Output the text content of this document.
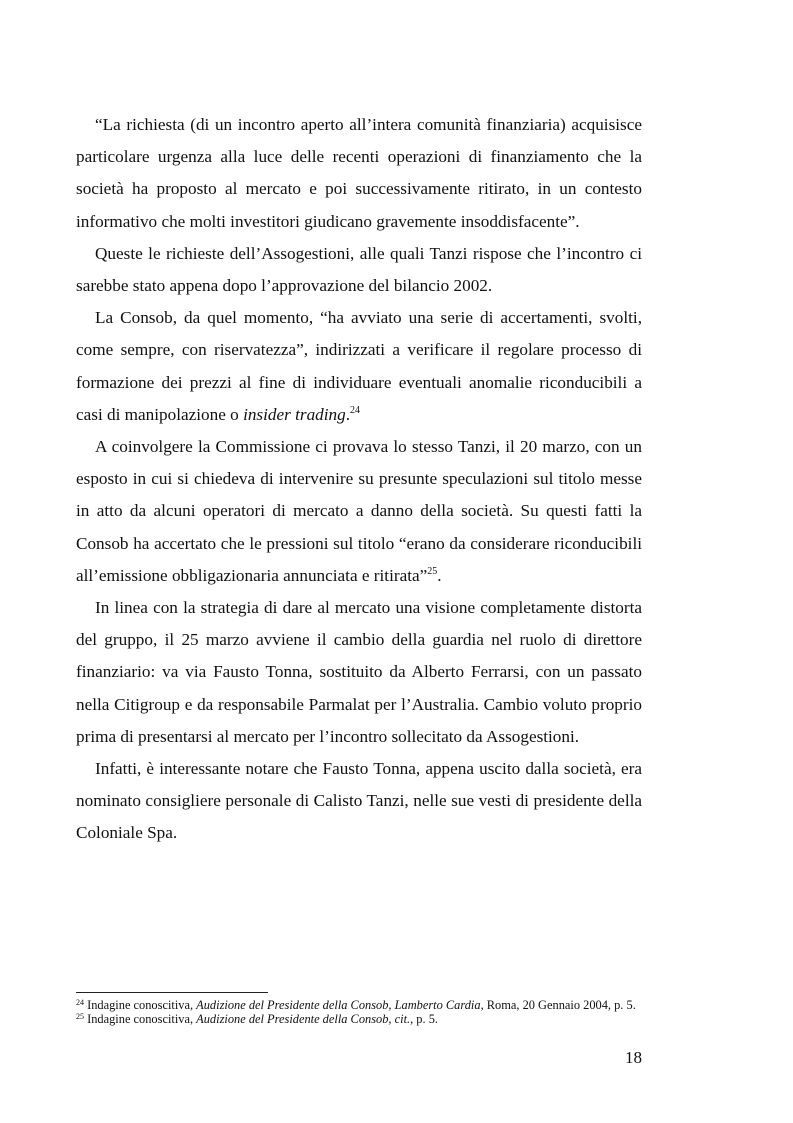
“La richiesta (di un incontro aperto all’intera comunità finanziaria) acquisisce particolare urgenza alla luce delle recenti operazioni di finanziamento che la società ha proposto al mercato e poi successivamente ritirato, in un contesto informativo che molti investitori giudicano gravemente insoddisfacente”.

Queste le richieste dell’Assogestioni, alle quali Tanzi rispose che l’incontro ci sarebbe stato appena dopo l’approvazione del bilancio 2002.

La Consob, da quel momento, “ha avviato una serie di accertamenti, svolti, come sempre, con riservatezza”, indirizzati a verificare il regolare processo di formazione dei prezzi al fine di individuare eventuali anomalie riconducibili a casi di manipolazione o insider trading.$^{24}$

A coinvolgere la Commissione ci provava lo stesso Tanzi, il 20 marzo, con un esposto in cui si chiedeva di intervenire su presunte speculazioni sul titolo messe in atto da alcuni operatori di mercato a danno della società. Su questi fatti la Consob ha accertato che le pressioni sul titolo “erano da considerare riconducibili all’emissione obbligazionaria annunciata e ritirata”$^{25}$.

In linea con la strategia di dare al mercato una visione completamente distorta del gruppo, il 25 marzo avviene il cambio della guardia nel ruolo di direttore finanziario: va via Fausto Tonna, sostituito da Alberto Ferrarsi, con un passato nella Citigroup e da responsabile Parmalat per l’Australia. Cambio voluto proprio prima di presentarsi al mercato per l’incontro sollecitato da Assogestioni.

Infatti, è interessante notare che Fausto Tonna, appena uscito dalla società, era nominato consigliere personale di Calisto Tanzi, nelle sue vesti di presidente della Coloniale Spa.

$^{24}$ Indagine conoscitiva, Audizione del Presidente della Consob, Lamberto Cardia, Roma, 20 Gennaio 2004, p. 5.

$^{25}$ Indagine conoscitiva, Audizione del Presidente della Consob, cit., p. 5.

18
